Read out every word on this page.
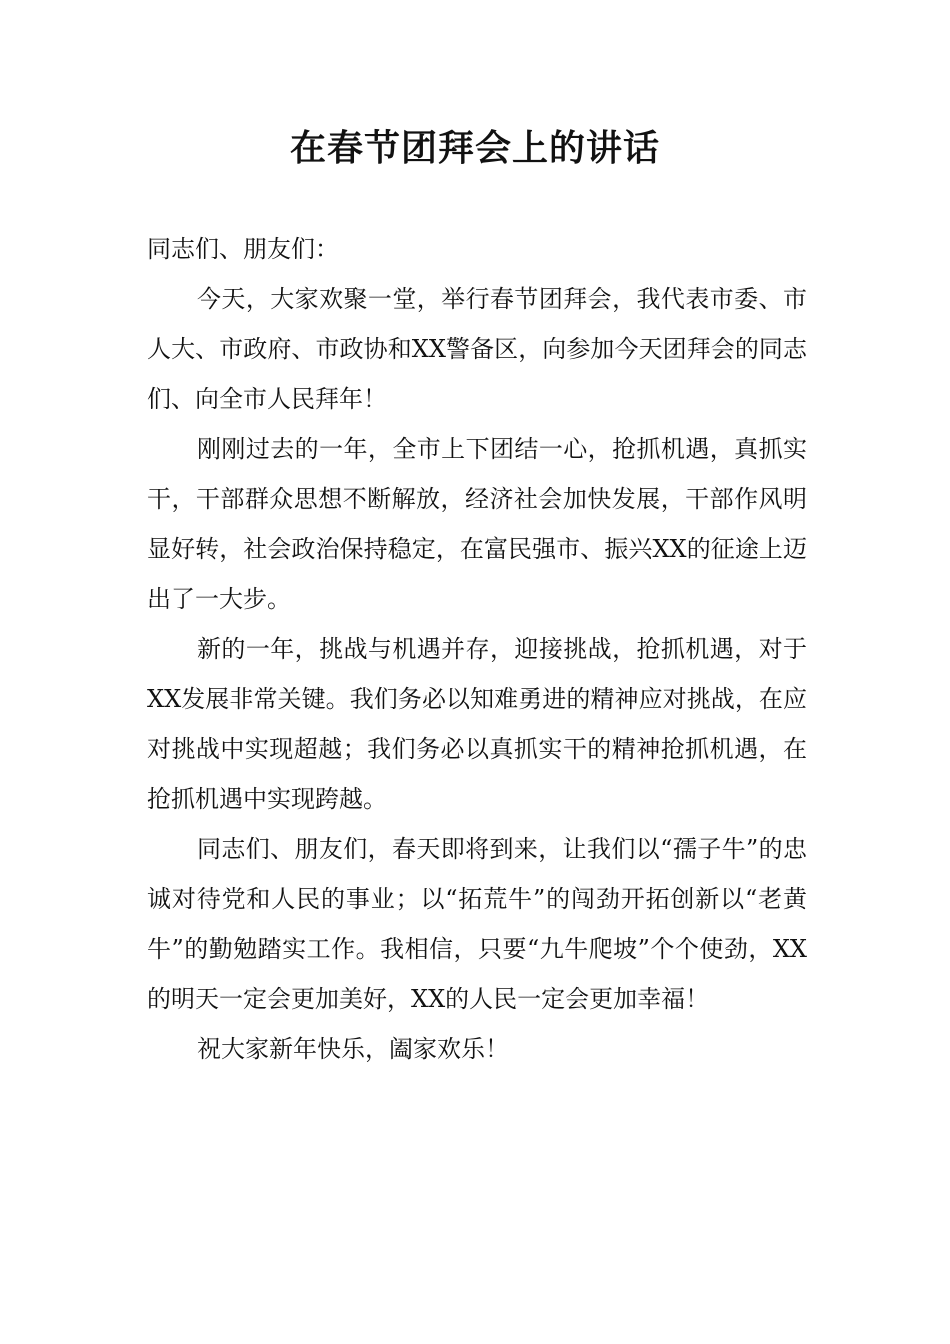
在春节团拜会上的讲话

同志们、朋友们：

今天，大家欢聚一堂，举行春节团拜会，我代表市委、市人大、市政府、市政协和XX警备区，向参加今天团拜会的同志们、向全市人民拜年！

刚刚过去的一年，全市上下团结一心，抢抓机遇，真抓实干，干部群众思想不断解放，经济社会加快发展，干部作风明显好转，社会政治保持稳定，在富民强市、振兴XX的征途上迈出了一大步。

新的一年，挑战与机遇并存，迎接挑战，抢抓机遇，对于XX发展非常关键。我们务必以知难勇进的精神应对挑战，在应对挑战中实现超越；我们务必以真抓实干的精神抢抓机遇，在抢抓机遇中实现跨越。

同志们、朋友们，春天即将到来，让我们以“孺子牛”的忠诚对待党和人民的事业；以“拓荒牛”的闯劲开拓创新以“老黄牛”的勤勉踏实工作。我相信，只要“九牛爬坡”个个使劲，XX的明天一定会更加美好，XX的人民一定会更加幸福！

祝大家新年快乐，阖家欢乐！
